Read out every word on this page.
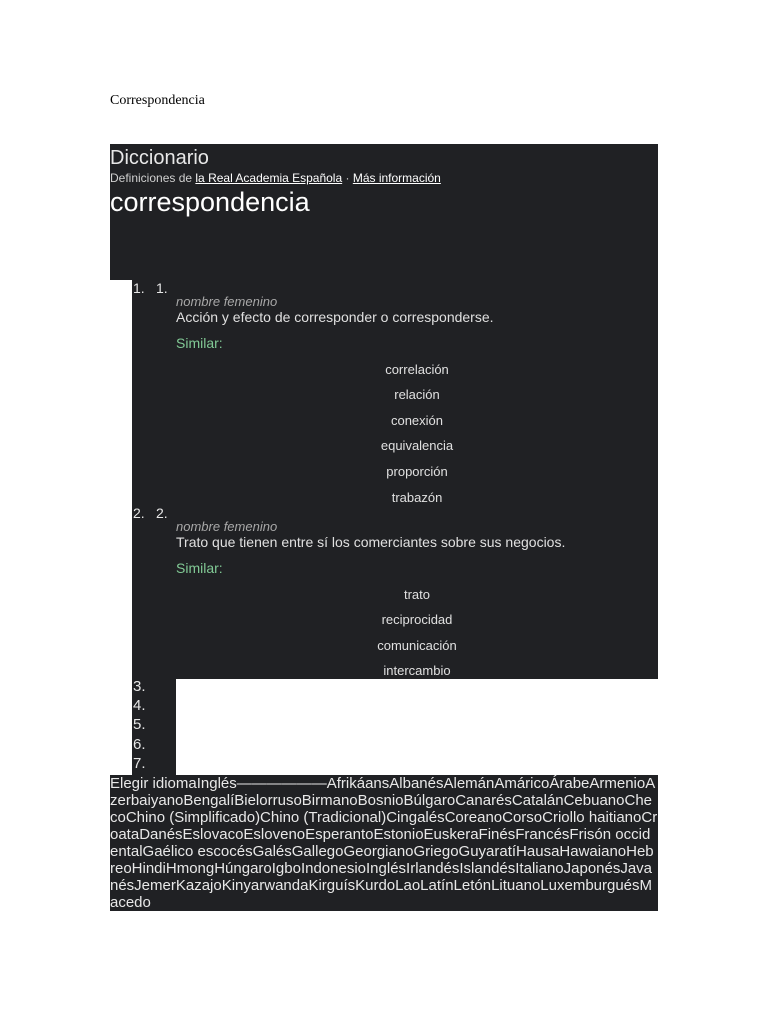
Correspondencia
Diccionario
Definiciones de la Real Academia Española · Más información
correspondencia
1. 1.
nombre femenino
Acción y efecto de corresponder o corresponderse.
Similar:
correlación
relación
conexión
equivalencia
proporción
trabazón
2. 2.
nombre femenino
Trato que tienen entre sí los comerciantes sobre sus negocios.
Similar:
trato
reciprocidad
comunicación
intercambio
3.
4.
5.
6.
7.
Elegir idiomaInglés——————AfrikáansAlbanésAlemánAmáricoÁrabeArmenioAzerbaiyanoBengalíBielorrusoBirmanoBosnioBúlgaroCanarésCatalánCebuanoChecoChino (Simplificado)Chino (Tradicional)CingalésCoreanoCorsoCriollo haitianoCroataDanésEslovacoEslovenoEsperantoEstonioEuskeraFinésFrancésFrisón occidentalGaélico escocésGalésGallegoGeorgianoGriegoGuyaratíHausaHawaianoHebreoHindiHmongHúngaroIgboIndonesioInglésIrlandésIslandésItalianoJaponésJavanésJemerKazajoKinyarwandaKirguísKurdoLaoLatínLetónLituanoLuxemburguésMacedo
